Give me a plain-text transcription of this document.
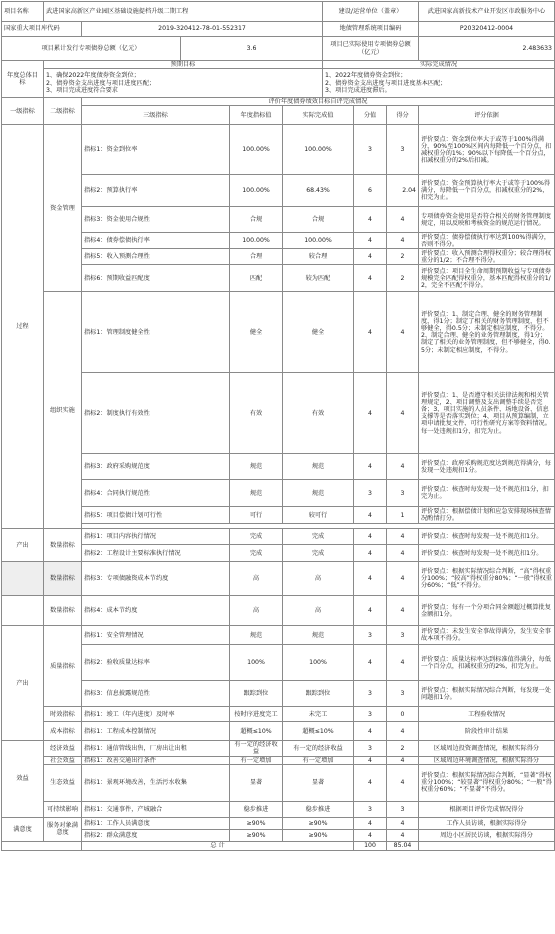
项目名称	武进国家高新区产业园区基础设施提档升级二期工程					建设/运营单位（盖章）			武进国家高新技术产业开发区市政服务中心
国家重大项目库代码		2019-320412-78-01-552317				地债管理系统项目编码			P20320412-0004
项目累计发行专项债券总额（亿元）			3.6			项目已实际使用专项债券总额（亿元）			2.483633
年度总体目标	预期目标					实际完成情况			
	1、确保2022年度债券资金到位；
2、债券资金支出进度与项目进度匹配；
3、项目完成进度符合要求					1、2022年度债券资金到位；
2、债券资金支出进度与项目进度基本匹配；
3、项目完成进度滞后。			
一级指标	二级指标	评价年度债券绩效目标自评完成情况							
		三级指标		年度指标值	实际完成值		分值	得分	评分依据
过程	资金管理	指标1：资金到位率		100.00%	100.00%		3	3	评价要点：资金到位率大于或等于100%得满分，90%至100%区间内每降低一个百分点，扣减权重分的1%；90%以下每降低一个百分点，扣减权重分的2%后扣减。
		指标2：预算执行率		100.00%	68.43%		6	2.04	评价要点：资金预算执行率大于或等于100%得满分，每降低一个百分点，扣减权重分的2%，扣完为止。
		指标3：资金使用合规性		合规	合规		4	4	专项债券资金使用是否符合相关的财务管理制度规定，用以反映和考核资金的规范运行情况。
		指标4：债券偿债执行率		100.00%	100.00%		4	4	评价要点：债券偿债执行率达到100%得满分，否则不得分。
		指标5：收入预测合理性		合理	较合理		4	2	评价要点：收入预测合理得权重分；较合理得权重分的1/2；不合理不得分。
		指标6：预期收益匹配度		匹配	较为匹配		4	2	评价要点：项目全生命周期预期收益与专项债券规模完全匹配得权重分，基本匹配得权重分的1/2，完全不匹配不得分。
	组织实施	指标1：管理制度健全性		健全	健全		4	4	评价要点：1、制定合理、健全的财务管理制度，得1分；制定了相关的财务管理制度，但不够健全，得0.5分；未制定相应制度，不得分。2、制定合理、健全的业务管理制度，得1分；制定了相关的业务管理制度，但不够健全，得0.5分；未制定相应制度，不得分。
		指标2：制度执行有效性		有效	有效		4	4	评价要点：1、是否遵守相关法律法规和相关管理规定，2、项目调整及支出调整手续是否完备；3、项目实施的人员条件、场地设备、信息支撑等是否落实到位；4、项目从预算编制、立项申请批复文件、可行性研究方案等资料情况。每一处违规扣1分，扣完为止。
		指标3：政府采购规范度		规范	规范		4	4	评价要点：政府采购规范度达到规范得满分，每发现一处违规扣1分。
		指标4：合同执行规范性		规范	规范		3	3	评价要点：核查时每发现一处不规范扣1分，扣完为止。
		指标5：项目偿债计划可行性		可行	较可行		4	1	评价要点：根据偿债计划和应急安排现场核查情况酌情打分。

产出	数量指标	指标1：项目内容执行情况		完成	完成		4	4	评价要点：核查时每发现一处不规范扣1分。
		指标2：工程设计主要标准执行情况		完成	完成		4	4	评价要点：核查时每发现一处不规范扣1分。
	数量指标	指标3：专项债融资成本节约度		高	高		4	4	评价要点：根据实际情况综合判断，“高”得权重分100%；“较高”得权重分80%；“一般”得权重分60%；“低”不得分。
	数量指标	指标4：成本节约度		高	高		4	4	评价要点：每有一个分项合同金额超过概算批复金额扣1分。
产出	质量指标	指标1：安全管理情况		规范	规范		3	3	评价要点：未发生安全事故得满分，发生安全事故本项不得分。
		指标2：验收质量达标率		100%	100%		4	4	评价要点：质量达标率达到标准值得满分，每低一个百分点，扣减权重分的2%，扣完为止。
		指标3：信息披露规范性		跟踪到位	跟踪到位		3	3	评价要点：根据实际情况综合判断，每发现一处问题扣1分。
	时效指标	指标1：竣工（年内进度）及时率		按时序进度完工	未完工		3	0	工程验收情况
	成本指标	指标1：工程成本控制情况		超概≤10%	超概≤10%		4	4	阶段性审计结果
效益	经济效益	指标1：通信管线出售，厂房出让出租		有一定的经济收益	有一定的经济收益		3	2	区域周边投资调查情况，根据实际得分
	社会效益	指标1：改善交通出行条件		有一定增加	有一定增加		4	4	区域周边环境调查情况，根据实际得分
	生态效益	指标1：景观环境改善，生活污水收集		显著	显著		4	4	评价要点：根据实际情况综合判断，“显著”得权重分100%；“较显著”得权重分80%；“一般”得权重分60%；“不显著”不得分。
	可持续影响	指标1：交通事件，产城融合		稳步推进	稳步推进		3	3	根据项目评价完成情况得分
满意度	服务对象满意度	指标1：工作人员满意度		≥90%	≥90%		4	4	工作人员访谈，根据实际得分
		指标2：群众满意度		≥90%	≥90%		4	4	周边小区居民访谈，根据实际得分
		总 计					100	85.04	
